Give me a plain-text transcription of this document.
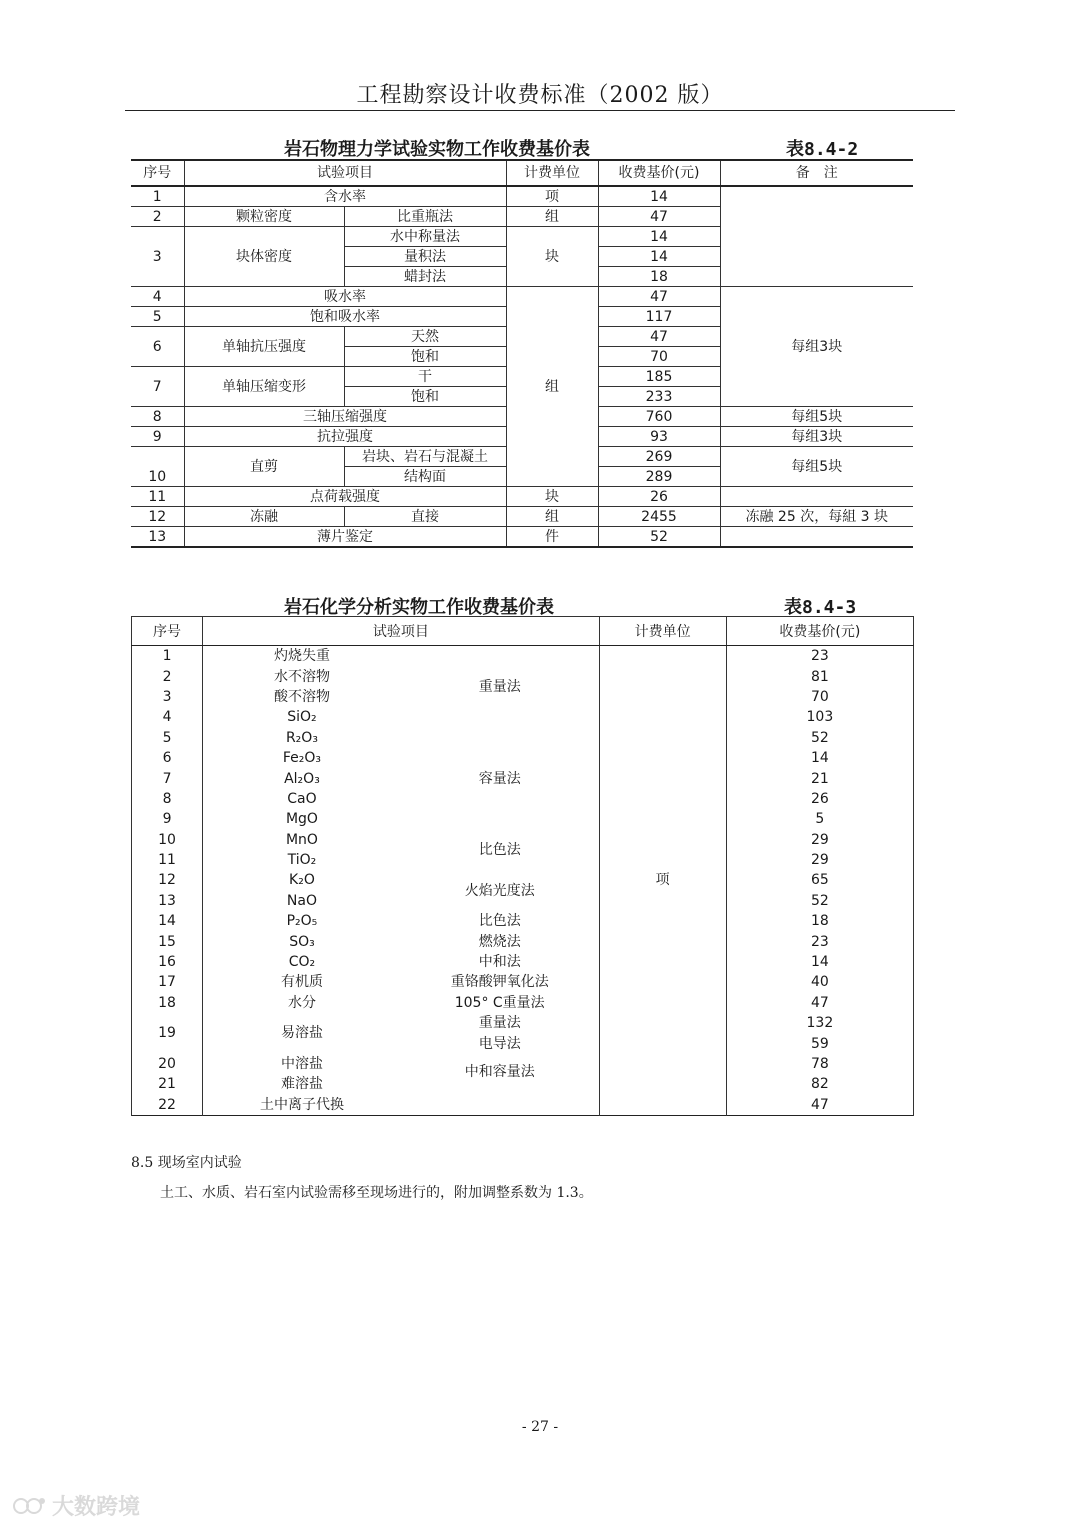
工程勘察设计收费标准（2002 版）
岩石物理力学试验实物工作收费基价表	表8.4-2
序号	试验项目		计费单位	收费基价(元)	备　注
1	含水率		项	14	
2	颗粒密度	比重瓶法	组	47	
3	块体密度	水中称量法	块	14	
		量积法		14	
		蜡封法		18	
4	吸水率		组	47	每组3块
5	饱和吸水率			117	
6	单轴抗压强度	天然		47	
		饱和		70	
7	单轴压缩变形	干		185	
		饱和		233	
8	三轴压缩强度			760	每组5块
9	抗拉强度			93	每组3块
10	直剪	岩块、岩石与混凝土		269	每组5块
		结构面		289	
11	点荷载强度		块	26	
12	冻融	直接	组	2455	冻融 25 次，每組 3 块
13	薄片鉴定		件	52	
岩石化学分析实物工作收费基价表	表8.4-3
序号	试验项目		计费单位	收费基价(元)
1	灼烧失重	重量法	项	23
2	水不溶物			81
3	酸不溶物			70
4	SiO₂			103
5	R₂O₃	容量法		52
6	Fe₂O₃			14
7	Al₂O₃			21
8	CaO			26
9	MgO			5
10	MnO	比色法		29
11	TiO₂			29
12	K₂O	火焰光度法		65
13	NaO			52
14	P₂O₅	比色法		18
15	SO₃	燃烧法		23
16	CO₂	中和法		14
17	有机质	重铬酸钾氧化法		40
18	水分	105° C重量法		47
19	易溶盐	重量法		132
		电导法		59
20	中溶盐	中和容量法		78
21	难溶盐			82
22	土中离子代换			47
8.5 现场室内试验
土工、水质、岩石室内试验需移至现场进行的，附加调整系数为 1.3。
- 27 -
大数跨境
